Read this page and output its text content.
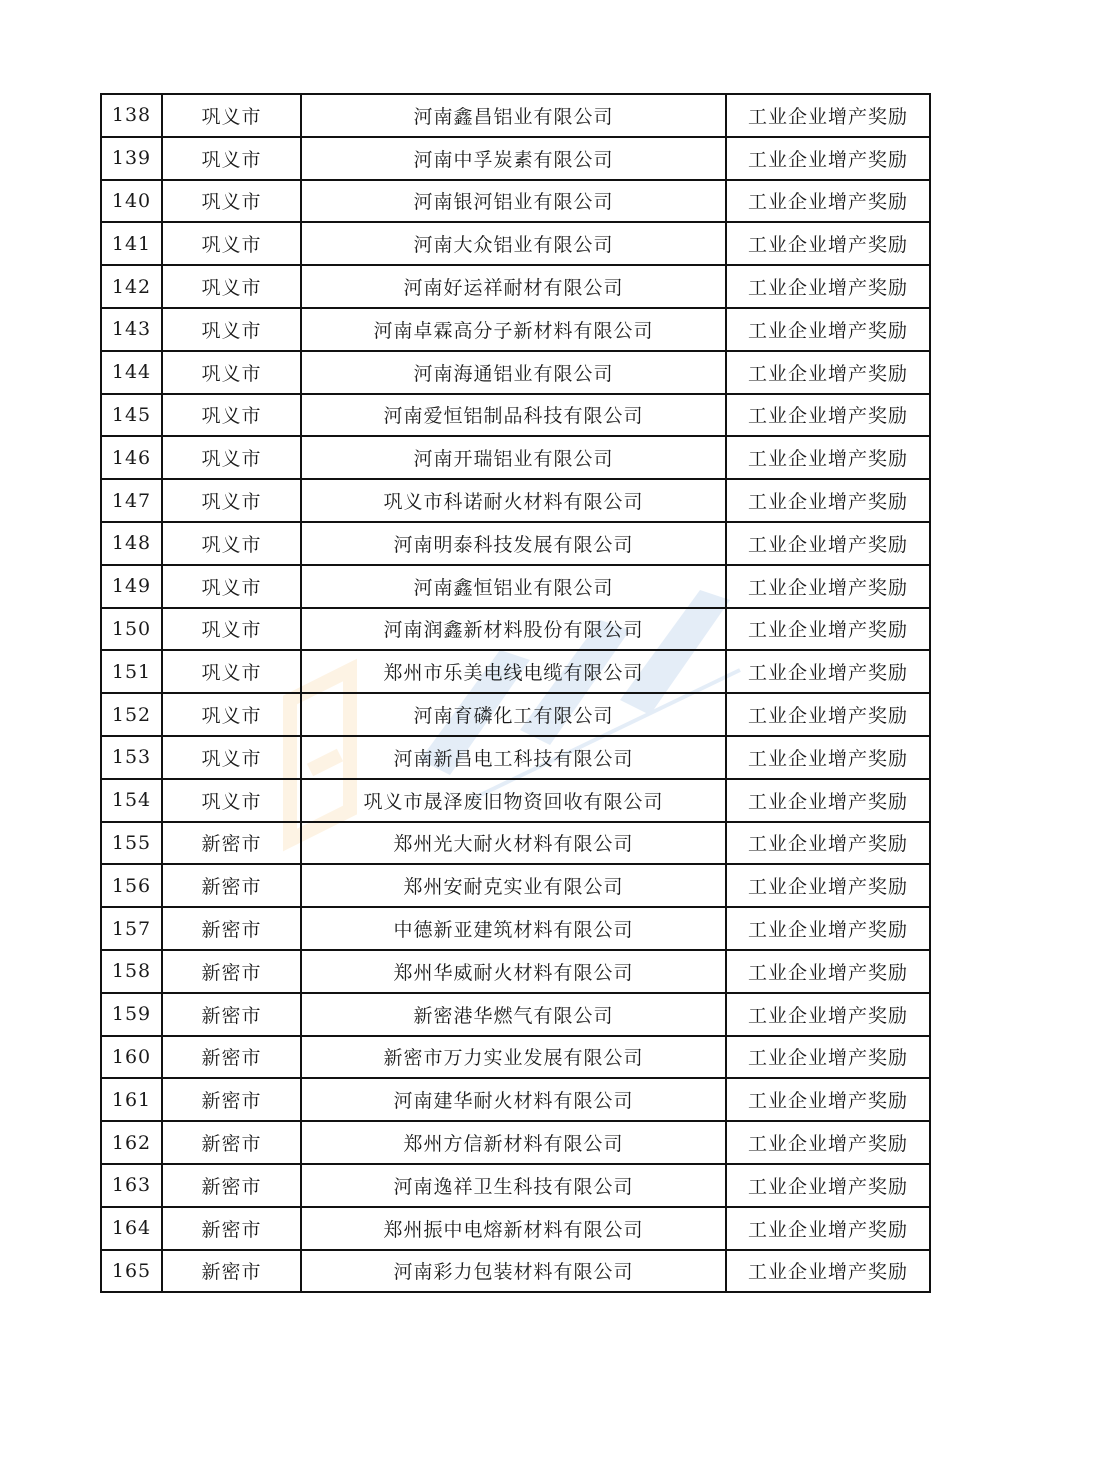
138	巩义市	河南鑫昌铝业有限公司	工业企业增产奖励
139	巩义市	河南中孚炭素有限公司	工业企业增产奖励
140	巩义市	河南银河铝业有限公司	工业企业增产奖励
141	巩义市	河南大众铝业有限公司	工业企业增产奖励
142	巩义市	河南好运祥耐材有限公司	工业企业增产奖励
143	巩义市	河南卓霖高分子新材料有限公司	工业企业增产奖励
144	巩义市	河南海通铝业有限公司	工业企业增产奖励
145	巩义市	河南爱恒铝制品科技有限公司	工业企业增产奖励
146	巩义市	河南开瑞铝业有限公司	工业企业增产奖励
147	巩义市	巩义市科诺耐火材料有限公司	工业企业增产奖励
148	巩义市	河南明泰科技发展有限公司	工业企业增产奖励
149	巩义市	河南鑫恒铝业有限公司	工业企业增产奖励
150	巩义市	河南润鑫新材料股份有限公司	工业企业增产奖励
151	巩义市	郑州市乐美电线电缆有限公司	工业企业增产奖励
152	巩义市	河南育磷化工有限公司	工业企业增产奖励
153	巩义市	河南新昌电工科技有限公司	工业企业增产奖励
154	巩义市	巩义市晟泽废旧物资回收有限公司	工业企业增产奖励
155	新密市	郑州光大耐火材料有限公司	工业企业增产奖励
156	新密市	郑州安耐克实业有限公司	工业企业增产奖励
157	新密市	中德新亚建筑材料有限公司	工业企业增产奖励
158	新密市	郑州华威耐火材料有限公司	工业企业增产奖励
159	新密市	新密港华燃气有限公司	工业企业增产奖励
160	新密市	新密市万力实业发展有限公司	工业企业增产奖励
161	新密市	河南建华耐火材料有限公司	工业企业增产奖励
162	新密市	郑州方信新材料有限公司	工业企业增产奖励
163	新密市	河南逸祥卫生科技有限公司	工业企业增产奖励
164	新密市	郑州振中电熔新材料有限公司	工业企业增产奖励
165	新密市	河南彩力包装材料有限公司	工业企业增产奖励
